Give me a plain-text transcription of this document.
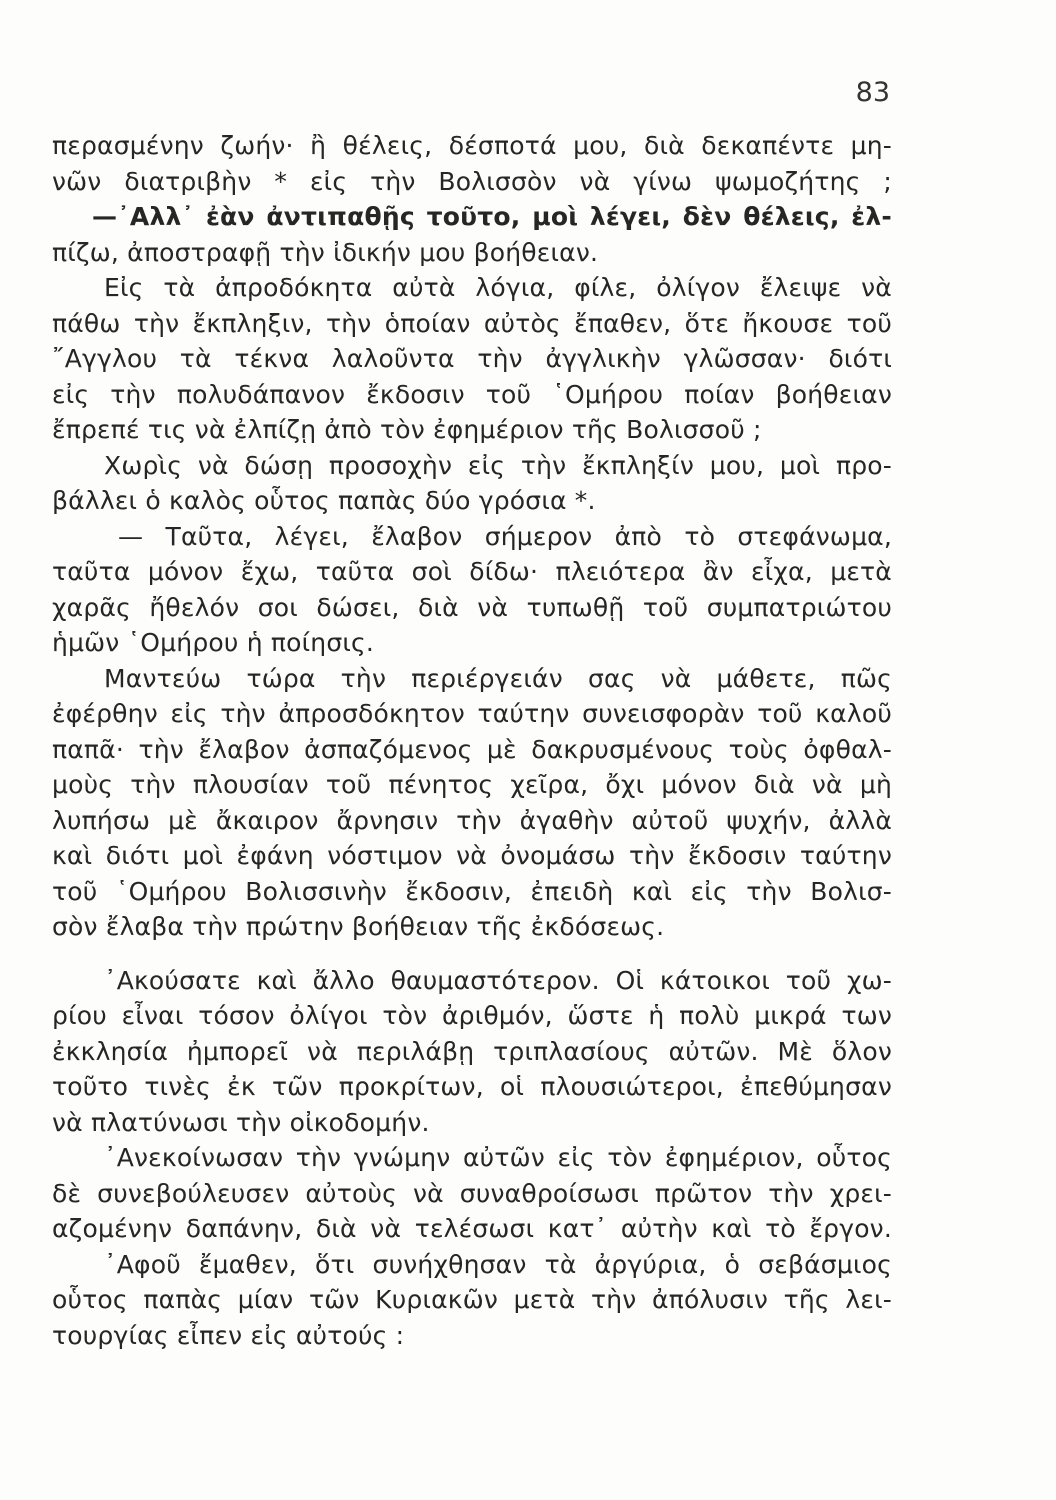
83
περασμένην ζωήν· ἢ θέλεις, δέσποτά μου, διὰ δεκαπέντε μη-
νῶν διατριβὴν * εἰς τὴν Βολισσὸν νὰ γίνω ψωμοζήτης ;
—᾿Αλλ᾿ ἐὰν ἀντιπαθῇς τοῦτο, μοὶ λέγει, δὲν θέλεις, ἐλ-
πίζω, ἀποστραφῇ τὴν ἰδικήν μου βοήθειαν.
Εἰς τὰ ἀπροδόκητα αὐτὰ λόγια, φίλε, ὀλίγον ἔλειψε νὰ
πάθω τὴν ἔκπληξιν, τὴν ὁποίαν αὐτὸς ἔπαθεν, ὅτε ἤκουσε τοῦ
῎Αγγλου τὰ τέκνα λαλοῦντα τὴν ἀγγλικὴν γλῶσσαν· διότι
εἰς τὴν πολυδάπανον ἔκδοσιν τοῦ ῾Ομήρου ποίαν βοήθειαν
ἔπρεπέ τις νὰ ἐλπίζῃ ἀπὸ τὸν ἐφημέριον τῆς Βολισσοῦ ;
Χωρὶς νὰ δώσῃ προσοχὴν εἰς τὴν ἔκπληξίν μου, μοὶ προ-
βάλλει ὁ καλὸς οὗτος παπὰς δύο γρόσια *.
— Ταῦτα, λέγει, ἔλαβον σήμερον ἀπὸ τὸ στεφάνωμα,
ταῦτα μόνον ἔχω, ταῦτα σοὶ δίδω· πλειότερα ἂν εἶχα, μετὰ
χαρᾶς ἤθελόν σοι δώσει, διὰ νὰ τυπωθῇ τοῦ συμπατριώτου
ἡμῶν ῾Ομήρου ἡ ποίησις.
Μαντεύω τώρα τὴν περιέργειάν σας νὰ μάθετε, πῶς
ἐφέρθην εἰς τὴν ἀπροσδόκητον ταύτην συνεισφορὰν τοῦ καλοῦ
παπᾶ· τὴν ἔλαβον ἀσπαζόμενος μὲ δακρυσμένους τοὺς ὀφθαλ-
μοὺς τὴν πλουσίαν τοῦ πένητος χεῖρα, ὄχι μόνον διὰ νὰ μὴ
λυπήσω μὲ ἄκαιρον ἄρνησιν τὴν ἀγαθὴν αὐτοῦ ψυχήν, ἀλλὰ
καὶ διότι μοὶ ἐφάνη νόστιμον νὰ ὀνομάσω τὴν ἔκδοσιν ταύτην
τοῦ ῾Ομήρου Βολισσινὴν ἔκδοσιν, ἐπειδὴ καὶ εἰς τὴν Βολισ-
σὸν ἔλαβα τὴν πρώτην βοήθειαν τῆς ἐκδόσεως.
᾿Ακούσατε καὶ ἄλλο θαυμαστότερον. Οἱ κάτοικοι τοῦ χω-
ρίου εἶναι τόσον ὀλίγοι τὸν ἀριθμόν, ὥστε ἡ πολὺ μικρά των
ἐκκλησία ἠμπορεῖ νὰ περιλάβῃ τριπλασίους αὐτῶν. Μὲ ὅλον
τοῦτο τινὲς ἐκ τῶν προκρίτων, οἱ πλουσιώτεροι, ἐπεθύμησαν
νὰ πλατύνωσι τὴν οἰκοδομήν.
᾿Ανεκοίνωσαν τὴν γνώμην αὐτῶν εἰς τὸν ἐφημέριον, οὗτος
δὲ συνεβούλευσεν αὐτοὺς νὰ συναθροίσωσι πρῶτον τὴν χρει-
αζομένην δαπάνην, διὰ νὰ τελέσωσι κατ᾿ αὐτὴν καὶ τὸ ἔργον.
᾿Αφοῦ ἔμαθεν, ὅτι συνήχθησαν τὰ ἀργύρια, ὁ σεβάσμιος
οὗτος παπὰς μίαν τῶν Κυριακῶν μετὰ τὴν ἀπόλυσιν τῆς λει-
τουργίας εἶπεν εἰς αὐτούς :
